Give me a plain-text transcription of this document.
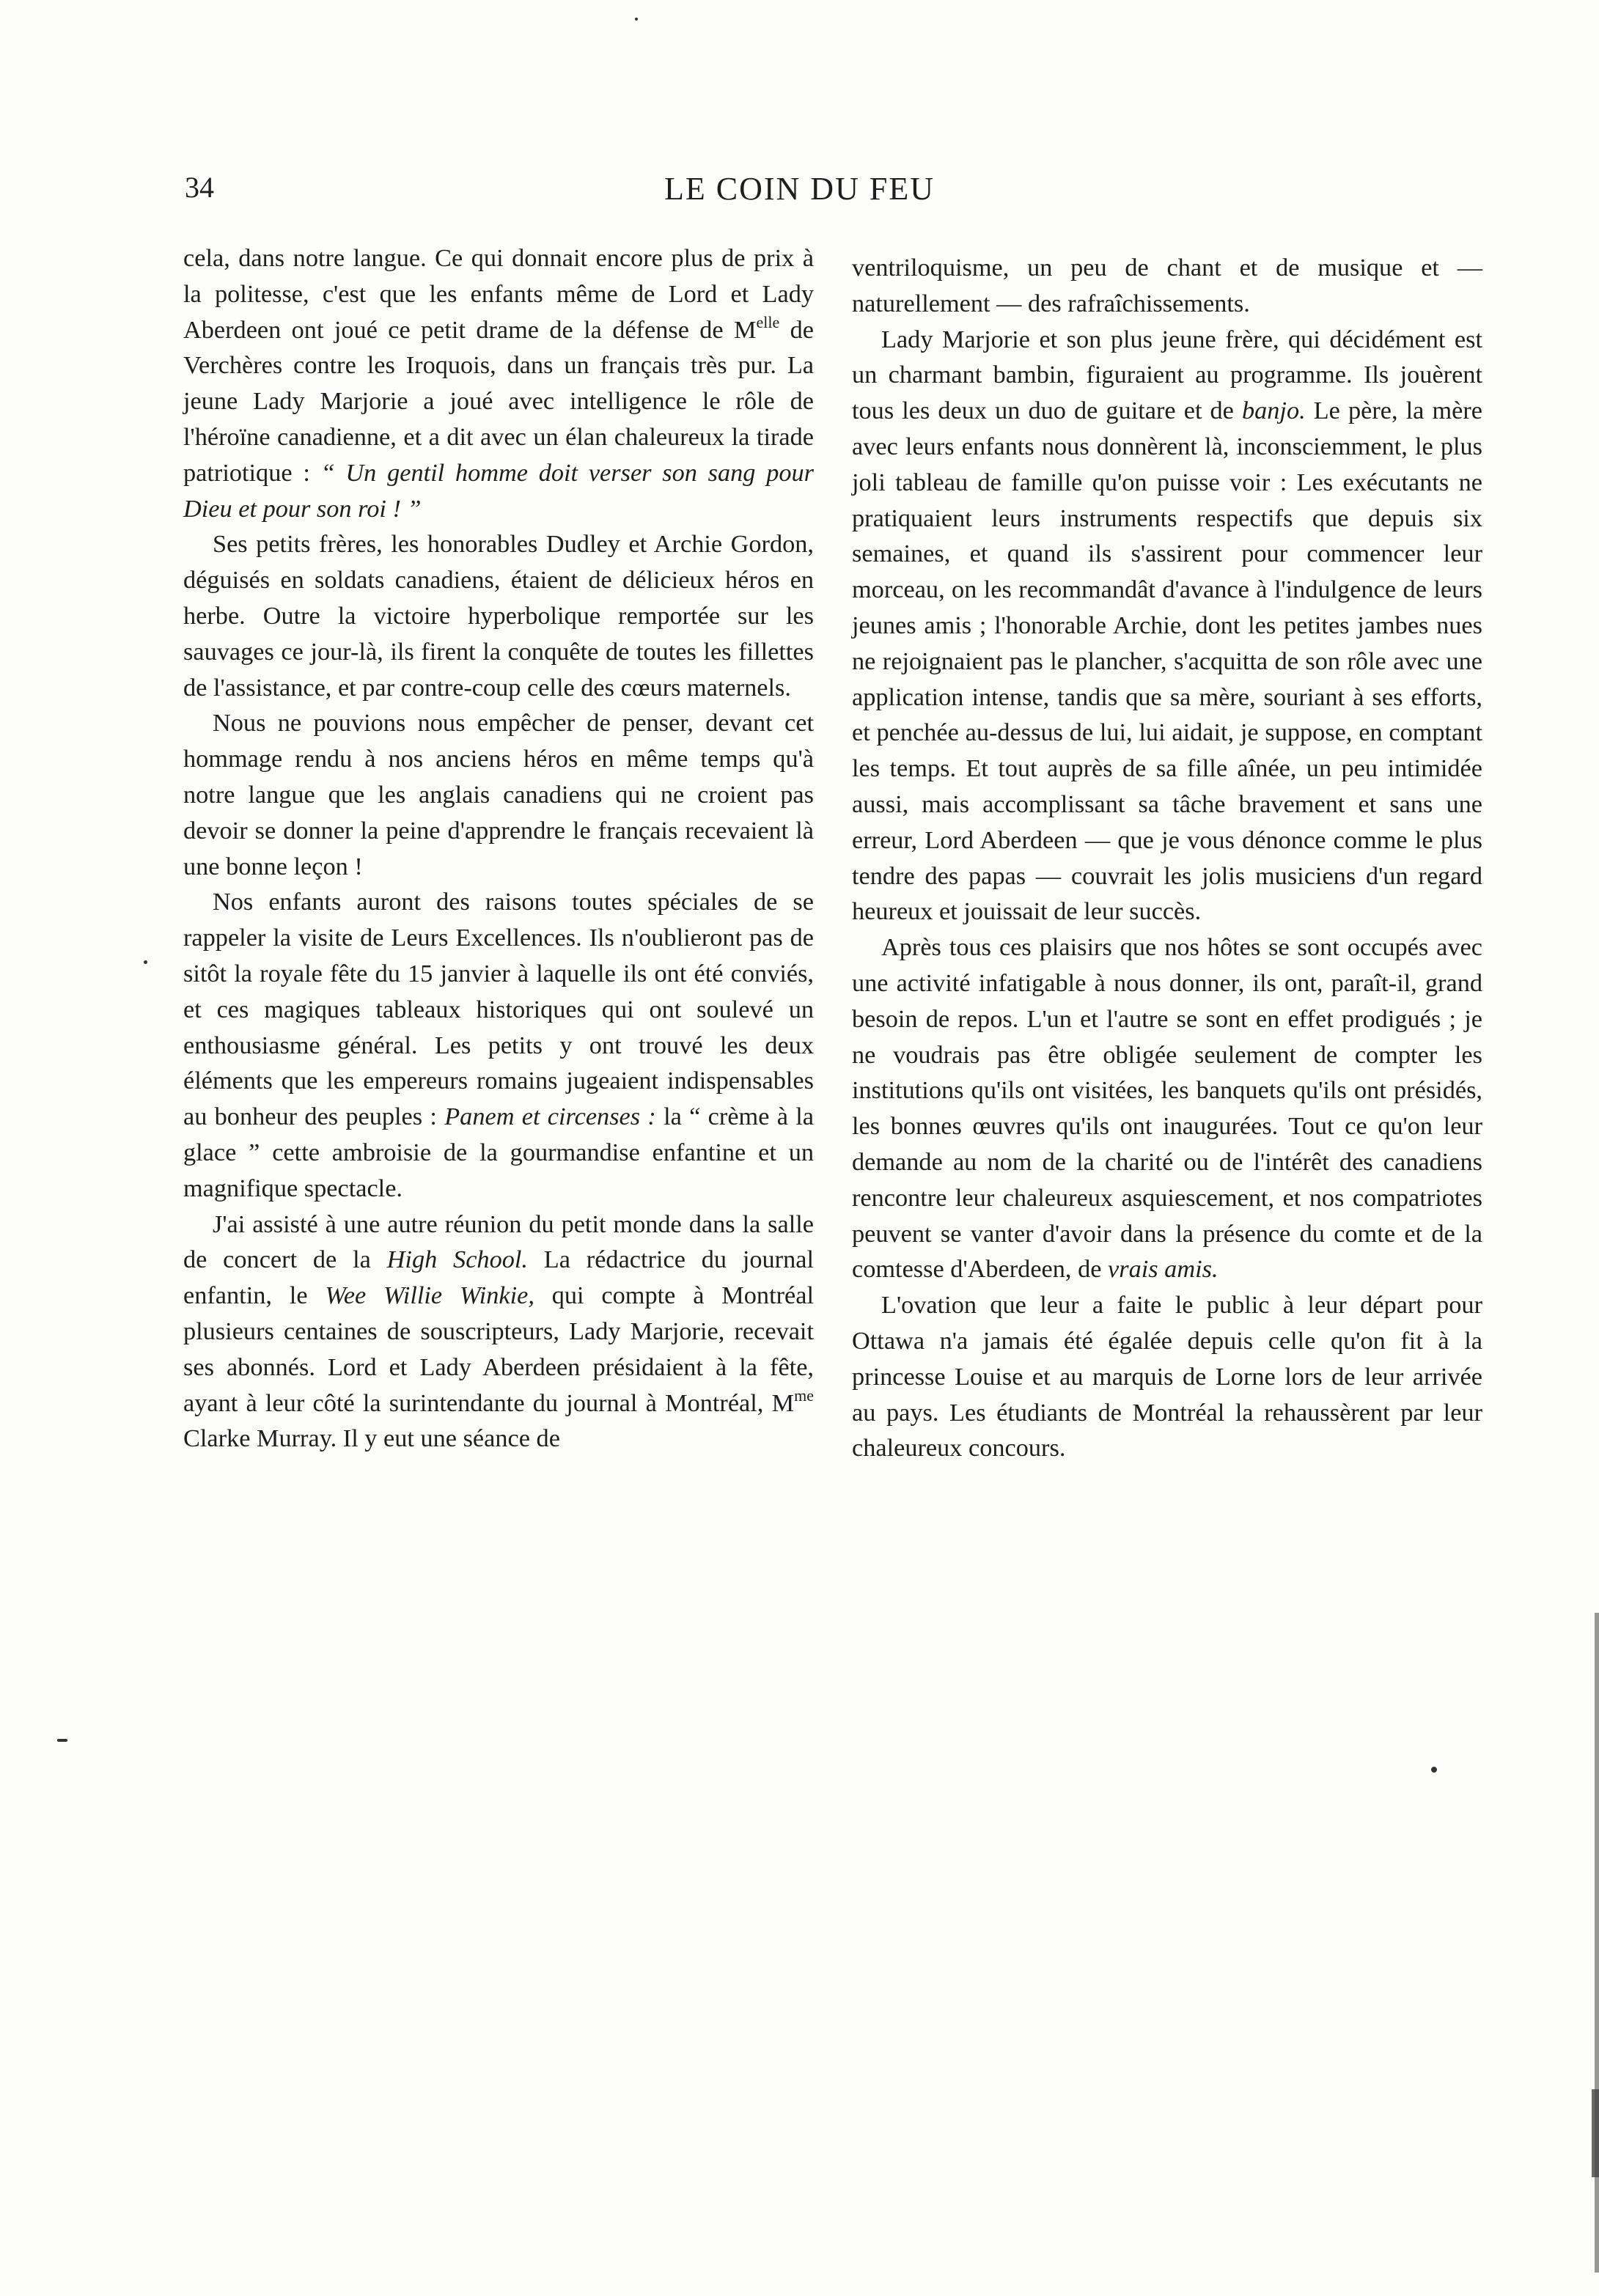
34	LE COIN DU FEU

cela, dans notre langue. Ce qui donnait encore plus de prix à la politesse, c'est que les enfants même de Lord et Lady Aberdeen ont joué ce petit drame de la défense de $M^{elle}$ de Verchères contre les Iroquois, dans un français très pur. La jeune Lady Marjorie a joué avec intelligence le rôle de l'héroïne canadienne, et a dit avec un élan chaleureux la tirade patriotique : “ Un gentil homme doit verser son sang pour Dieu et pour son roi ! ”

Ses petits frères, les honorables Dudley et Archie Gordon, déguisés en soldats canadiens, étaient de délicieux héros en herbe. Outre la victoire hyperbolique remportée sur les sauvages ce jour-là, ils firent la conquête de toutes les fillettes de l'assistance, et par contre-coup celle des cœurs maternels.

Nous ne pouvions nous empêcher de penser, devant cet hommage rendu à nos anciens héros en même temps qu'à notre langue que les anglais canadiens qui ne croient pas devoir se donner la peine d'apprendre le français recevaient là une bonne leçon !

Nos enfants auront des raisons toutes spéciales de se rappeler la visite de Leurs Excellences. Ils n'oublieront pas de sitôt la royale fête du 15 janvier à laquelle ils ont été conviés, et ces magiques tableaux historiques qui ont soulevé un enthousiasme général. Les petits y ont trouvé les deux éléments que les empereurs romains jugeaient indispensables au bonheur des peuples : Panem et circenses : la “ crème à la glace ” cette ambroisie de la gourmandise enfantine et un magnifique spectacle.

J'ai assisté à une autre réunion du petit monde dans la salle de concert de la High School. La rédactrice du journal enfantin, le Wee Willie Winkie, qui compte à Montréal plusieurs centaines de souscripteurs, Lady Marjorie, recevait ses abonnés. Lord et Lady Aberdeen présidaient à la fête, ayant à leur côté la surintendante du journal à Montréal, $M^{me}$ Clarke Murray. Il y eut une séance de

ventriloquisme, un peu de chant et de musique et — naturellement — des rafraîchissements.

Lady Marjorie et son plus jeune frère, qui décidément est un charmant bambin, figuraient au programme. Ils jouèrent tous les deux un duo de guitare et de banjo. Le père, la mère avec leurs enfants nous donnèrent là, inconsciemment, le plus joli tableau de famille qu'on puisse voir : Les exécutants ne pratiquaient leurs instruments respectifs que depuis six semaines, et quand ils s'assirent pour commencer leur morceau, on les recommandât d'avance à l'indulgence de leurs jeunes amis ; l'honorable Archie, dont les petites jambes nues ne rejoignaient pas le plancher, s'acquitta de son rôle avec une application intense, tandis que sa mère, souriant à ses efforts, et penchée au-dessus de lui, lui aidait, je suppose, en comptant les temps. Et tout auprès de sa fille aînée, un peu intimidée aussi, mais accomplissant sa tâche bravement et sans une erreur, Lord Aberdeen — que je vous dénonce comme le plus tendre des papas — couvrait les jolis musiciens d'un regard heureux et jouissait de leur succès.

Après tous ces plaisirs que nos hôtes se sont occupés avec une activité infatigable à nous donner, ils ont, paraît-il, grand besoin de repos. L'un et l'autre se sont en effet prodigués ; je ne voudrais pas être obligée seulement de compter les institutions qu'ils ont visitées, les banquets qu'ils ont présidés, les bonnes œuvres qu'ils ont inaugurées. Tout ce qu'on leur demande au nom de la charité ou de l'intérêt des canadiens rencontre leur chaleureux asquiescement, et nos compatriotes peuvent se vanter d'avoir dans la présence du comte et de la comtesse d'Aberdeen, de vrais amis.

L'ovation que leur a faite le public à leur départ pour Ottawa n'a jamais été égalée depuis celle qu'on fit à la princesse Louise et au marquis de Lorne lors de leur arrivée au pays. Les étudiants de Montréal la rehaussèrent par leur chaleureux concours.
